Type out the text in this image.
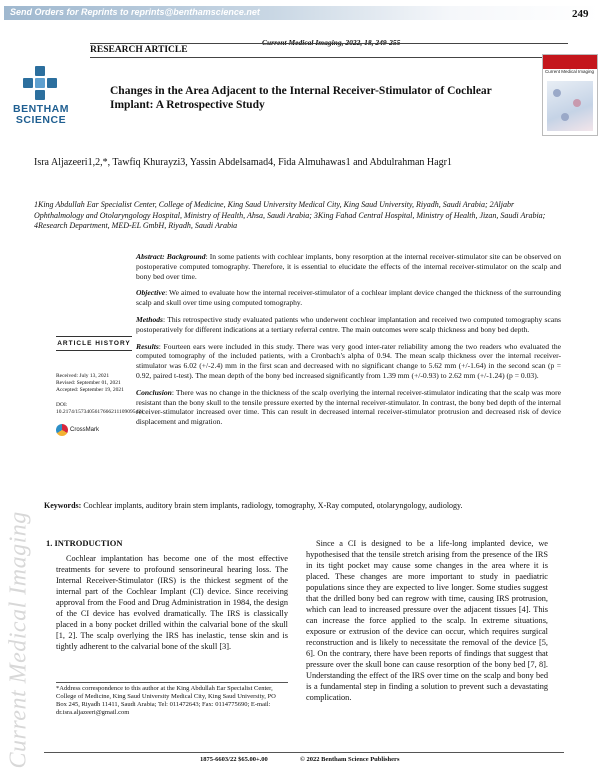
Send Orders for Reprints to reprints@benthamscience.net	249
RESEARCH ARTICLE
BENTHAM SCIENCE
Changes in the Area Adjacent to the Internal Receiver-Stimulator of Cochlear Implant: A Retrospective Study
Current Medical Imaging
Isra Aljazeeri1,2,*, Tawfiq Khurayzi3, Yassin Abdelsamad4, Fida Almuhawas1 and Abdulrahman Hagr1
1King Abdullah Ear Specialist Center, College of Medicine, King Saud University Medical City, King Saud University, Riyadh, Saudi Arabia; 2Aljabr Ophthalmology and Otolaryngology Hospital, Ministry of Health, Ahsa, Saudi Arabia; 3King Fahad Central Hospital, Ministry of Health, Jizan, Saudi Arabia; 4Research Department, MED-EL GmbH, Riyadh, Saudi Arabia

Abstract: Background: In some patients with cochlear implants, bony resorption at the internal receiver-stimulator site can be observed on postoperative computed tomography. Therefore, it is essential to elucidate the effects of the internal receiver-stimulator on the scalp and bony bed over time.

Objective: We aimed to evaluate how the internal receiver-stimulator of a cochlear implant device changed the thickness of the surrounding scalp and skull over time using computed tomography.

Methods: This retrospective study evaluated patients who underwent cochlear implantation and received two computed tomography scans postoperatively for different indications at a tertiary referral centre. The main outcomes were scalp thickness and bony bed depth.

Results: Fourteen ears were included in this study. There was very good inter-rater reliability among the two readers who evaluated the computed tomography of the included patients, with a Cronbach's alpha of 0.94. The mean scalp thickness over the internal receiver-stimulator was 6.02 (+/-2.4) mm in the first scan and decreased with no significant change to 5.62 mm (+/-1.64) in the second scan (p = 0.92, paired t-test). The mean depth of the bony bed increased significantly from 1.39 mm (+/-0.93) to 2.62 mm (+/-1.24) (p = 0.03).

Conclusion: There was no change in the thickness of the scalp overlying the internal receiver-stimulator indicating that the scalp was more resistant than the bony skull to the tensile pressure exerted by the internal receiver-stimulator. In contrast, the bony bed depth of the internal receiver-stimulator increased over time. This can result in decreased internal receiver-stimulator protrusion and decreased risk of device displacement and migration.

ARTICLE HISTORY
Received: July 13, 2021
Revised: September 01, 2021
Accepted: September 19, 2021
DOI:
10.2174/1573405617666211109095421
CrossMark
Current Medical Imaging
Keywords: Cochlear implants, auditory brain stem implants, radiology, tomography, X-Ray computed, otolaryngology, audiology.
1. INTRODUCTION

Cochlear implantation has become one of the most effective treatments for severe to profound sensorineural hearing loss. The Internal Receiver-Stimulator (IRS) is the thickest segment of the internal part of the Cochlear Implant (CI) device. Since receiving approval from the Food and Drug Administration in 1984, the design of the CI device has evolved dramatically. The IRS is classically placed in a bony pocket drilled within the calvarial bone of the skull [1, 2]. The scalp overlying the IRS has inelastic, tense skin and is tightly adherent to the calvarial bone of the skull [3].

Since a CI is designed to be a life-long implanted device, we hypothesised that the tensile stretch arising from the presence of the IRS in its tight pocket may cause some changes in the area where it is placed. These changes are more important to study in paediatric populations since they are expected to live longer. Some studies suggest that the drilled bony bed can regrow with time, causing IRS protrusion, which can lead to increased pressure over the adjacent tissues [4]. This can increase the force applied to the scalp. In extreme situations, exposure or extrusion of the device can occur, which requires surgical reconstruction and is likely to necessitate the removal of the device [5, 6]. On the contrary, there have been reports of findings that suggest that pressure over the skull bone can cause resorption of the bony bed [7, 8]. Understanding the effect of the IRS over time on the scalp and bony bed is a fundamental step in finding a solution to prevent such a devastating complication.

*Address correspondence to this author at the King Abdullah Ear Specialist Center, College of Medicine, King Saud University Medical City, King Saud University, PO Box 245, Riyadh 11411, Saudi Arabia; Tel: 011472643; Fax: 0114775690; E-mail: dr.isra.aljazeeri@gmail.com
1875-6603/22 $65.00+.00	© 2022 Bentham Science Publishers
